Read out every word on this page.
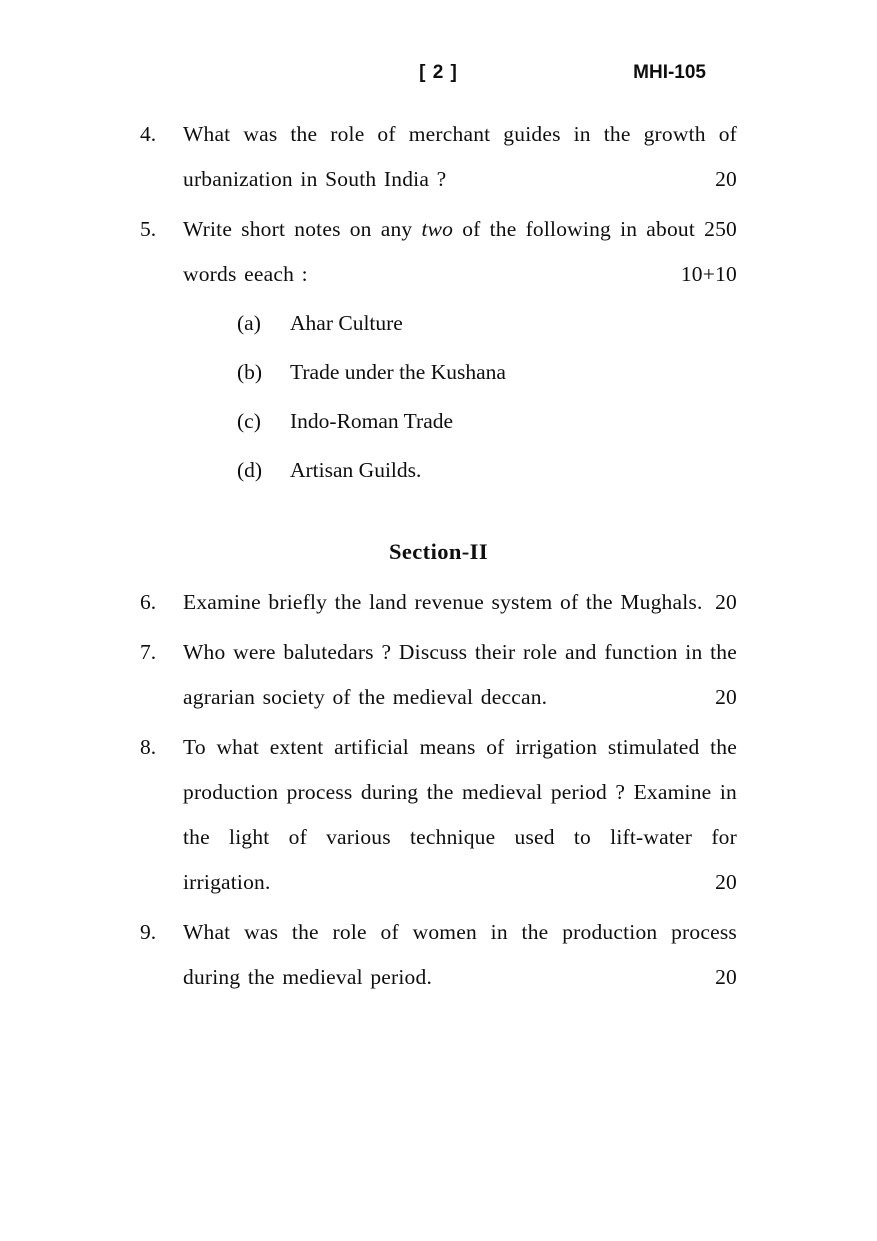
[ 2 ]	MHI-105
4.	What was the role of merchant guides in the growth of urbanization in South India ?	20

5.	Write short notes on any two of the following in about 250 words eeach :	10+10

(a)	Ahar Culture
(b)	Trade under the Kushana
(c)	Indo-Roman Trade
(d)	Artisan Guilds.
Section-II
6.	Examine briefly the land revenue system of the Mughals. 20

7.	Who were balutedars ? Discuss their role and function in the agrarian society of the medieval deccan.	20

8.	To what extent artificial means of irrigation stimulated the production process during the medieval period ? Examine in the light of various technique used to lift-water for irrigation.	20

9.	What was the role of women in the production process during the medieval period.	20
